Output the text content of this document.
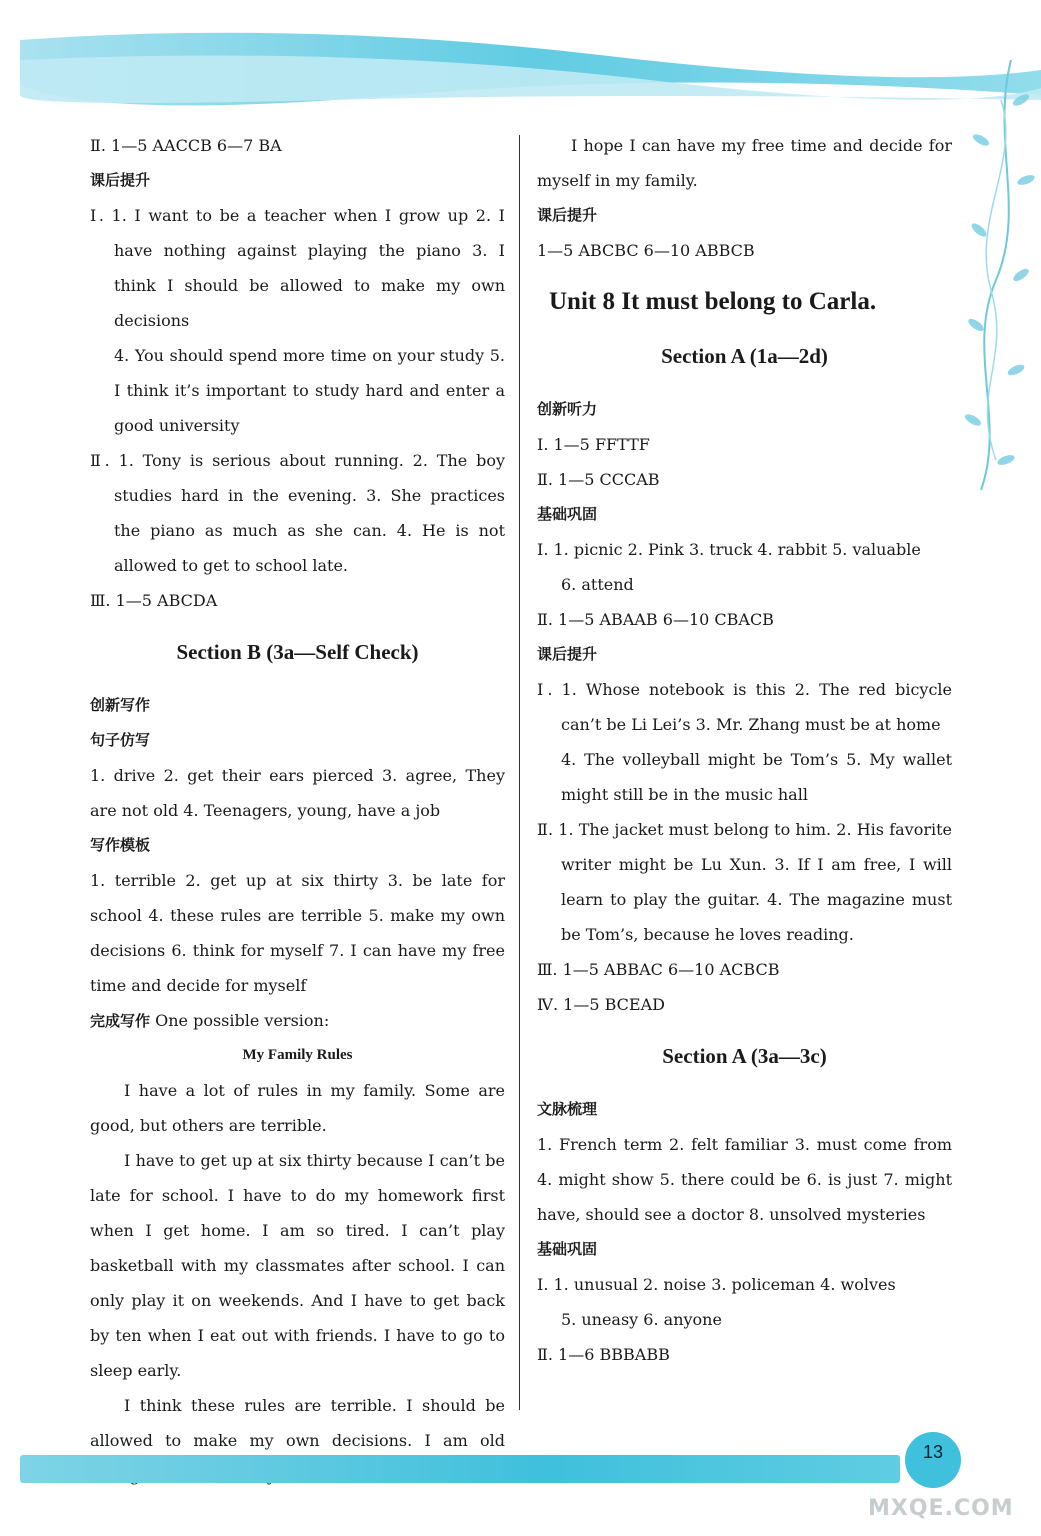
Ⅱ. 1—5 AACCB 6—7 BA
课后提升
Ⅰ. 1. I want to be a teacher when I grow up 2. I have nothing against playing the piano 3. I think I should be allowed to make my own decisions
4. You should spend more time on your study 5. I think it’s important to study hard and enter a good university
Ⅱ. 1. Tony is serious about running. 2. The boy studies hard in the evening. 3. She practices the piano as much as she can. 4. He is not allowed to get to school late.
Ⅲ. 1—5 ABCDA
Section B (3a—Self Check)
创新写作
句子仿写
1. drive 2. get their ears pierced 3. agree, They are not old 4. Teenagers, young, have a job
写作模板
1. terrible 2. get up at six thirty 3. be late for school 4. these rules are terrible 5. make my own decisions 6. think for myself 7. I can have my free time and decide for myself
完成写作 One possible version:
My Family Rules
I have a lot of rules in my family. Some are good, but others are terrible.
I have to get up at six thirty because I can’t be late for school. I have to do my homework first when I get home. I am so tired. I can’t play basketball with my classmates after school. I can only play it on weekends. And I have to get back by ten when I eat out with friends. I have to go to sleep early.
I think these rules are terrible. I should be allowed to make my own decisions. I am old
I hope I can have my free time and decide for myself in my family.
课后提升
1—5 ABCBC 6—10 ABBCB
Unit 8 It must belong to Carla.
Section A (1a—2d)
创新听力
Ⅰ. 1—5 FFTTF
Ⅱ. 1—5 CCCAB
基础巩固
Ⅰ. 1. picnic 2. Pink 3. truck 4. rabbit 5. valuable
6. attend
Ⅱ. 1—5 ABAAB 6—10 CBACB
课后提升
Ⅰ. 1. Whose notebook is this 2. The red bicycle can’t be Li Lei’s 3. Mr. Zhang must be at home
4. The volleyball might be Tom’s 5. My wallet might still be in the music hall
Ⅱ. 1. The jacket must belong to him. 2. His favorite writer might be Lu Xun. 3. If I am free, I will learn to play the guitar. 4. The magazine must be Tom’s, because he loves reading.
Ⅲ. 1—5 ABBAC 6—10 ACBCB
Ⅳ. 1—5 BCEAD
Section A (3a—3c)
文脉梳理
1. French term 2. felt familiar 3. must come from 4. might show 5. there could be 6. is just 7. might have, should see a doctor 8. unsolved mysteries
基础巩固
Ⅰ. 1. unusual 2. noise 3. policeman 4. wolves
5. uneasy 6. anyone
Ⅱ. 1—6 BBBABB
13
MXQE.COM
